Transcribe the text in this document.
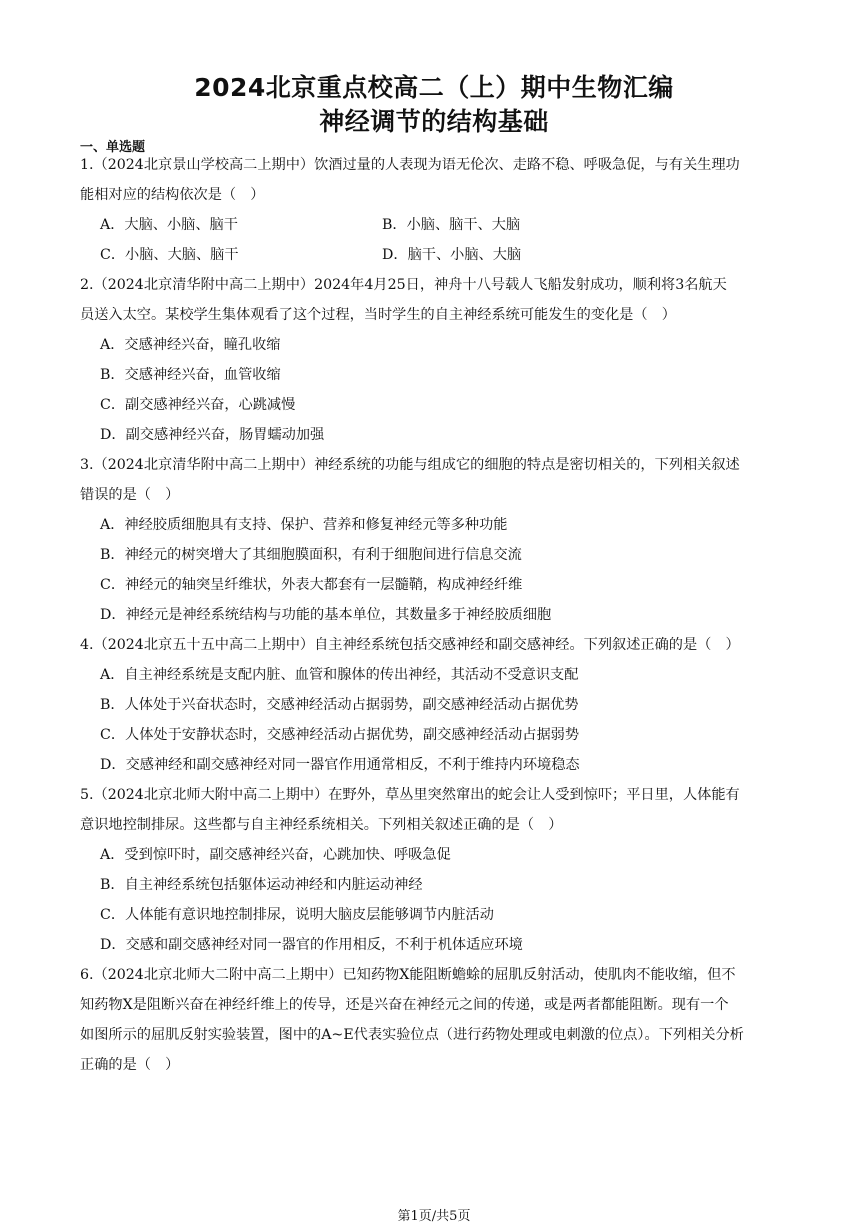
2024北京重点校高二（上）期中生物汇编
神经调节的结构基础
一、单选题
1.（2024北京景山学校高二上期中）饮酒过量的人表现为语无伦次、走路不稳、呼吸急促，与有关生理功
能相对应的结构依次是（　）
A．大脑、小脑、脑干	B．小脑、脑干、大脑
C．小脑、大脑、脑干	D．脑干、小脑、大脑
2.（2024北京清华附中高二上期中）2024年4月25日，神舟十八号载人飞船发射成功，顺利将3名航天
员送入太空。某校学生集体观看了这个过程，当时学生的自主神经系统可能发生的变化是（　）
A．交感神经兴奋，瞳孔收缩
B．交感神经兴奋，血管收缩
C．副交感神经兴奋，心跳减慢
D．副交感神经兴奋，肠胃蠕动加强
3.（2024北京清华附中高二上期中）神经系统的功能与组成它的细胞的特点是密切相关的，下列相关叙述
错误的是（　）
A．神经胶质细胞具有支持、保护、营养和修复神经元等多种功能
B．神经元的树突增大了其细胞膜面积，有利于细胞间进行信息交流
C．神经元的轴突呈纤维状，外表大都套有一层髓鞘，构成神经纤维
D．神经元是神经系统结构与功能的基本单位，其数量多于神经胶质细胞
4.（2024北京五十五中高二上期中）自主神经系统包括交感神经和副交感神经。下列叙述正确的是（　）
A．自主神经系统是支配内脏、血管和腺体的传出神经，其活动不受意识支配
B．人体处于兴奋状态时，交感神经活动占据弱势，副交感神经活动占据优势
C．人体处于安静状态时，交感神经活动占据优势，副交感神经活动占据弱势
D．交感神经和副交感神经对同一器官作用通常相反，不利于维持内环境稳态
5.（2024北京北师大附中高二上期中）在野外，草丛里突然窜出的蛇会让人受到惊吓；平日里，人体能有
意识地控制排尿。这些都与自主神经系统相关。下列相关叙述正确的是（　）
A．受到惊吓时，副交感神经兴奋，心跳加快、呼吸急促
B．自主神经系统包括躯体运动神经和内脏运动神经
C．人体能有意识地控制排尿，说明大脑皮层能够调节内脏活动
D．交感和副交感神经对同一器官的作用相反，不利于机体适应环境
6.（2024北京北师大二附中高二上期中）已知药物X能阻断蟾蜍的屈肌反射活动，使肌肉不能收缩，但不
知药物X是阻断兴奋在神经纤维上的传导，还是兴奋在神经元之间的传递，或是两者都能阻断。现有一个
如图所示的屈肌反射实验装置，图中的A~E代表实验位点（进行药物处理或电刺激的位点）。下列相关分析
正确的是（　）
第1页/共5页
